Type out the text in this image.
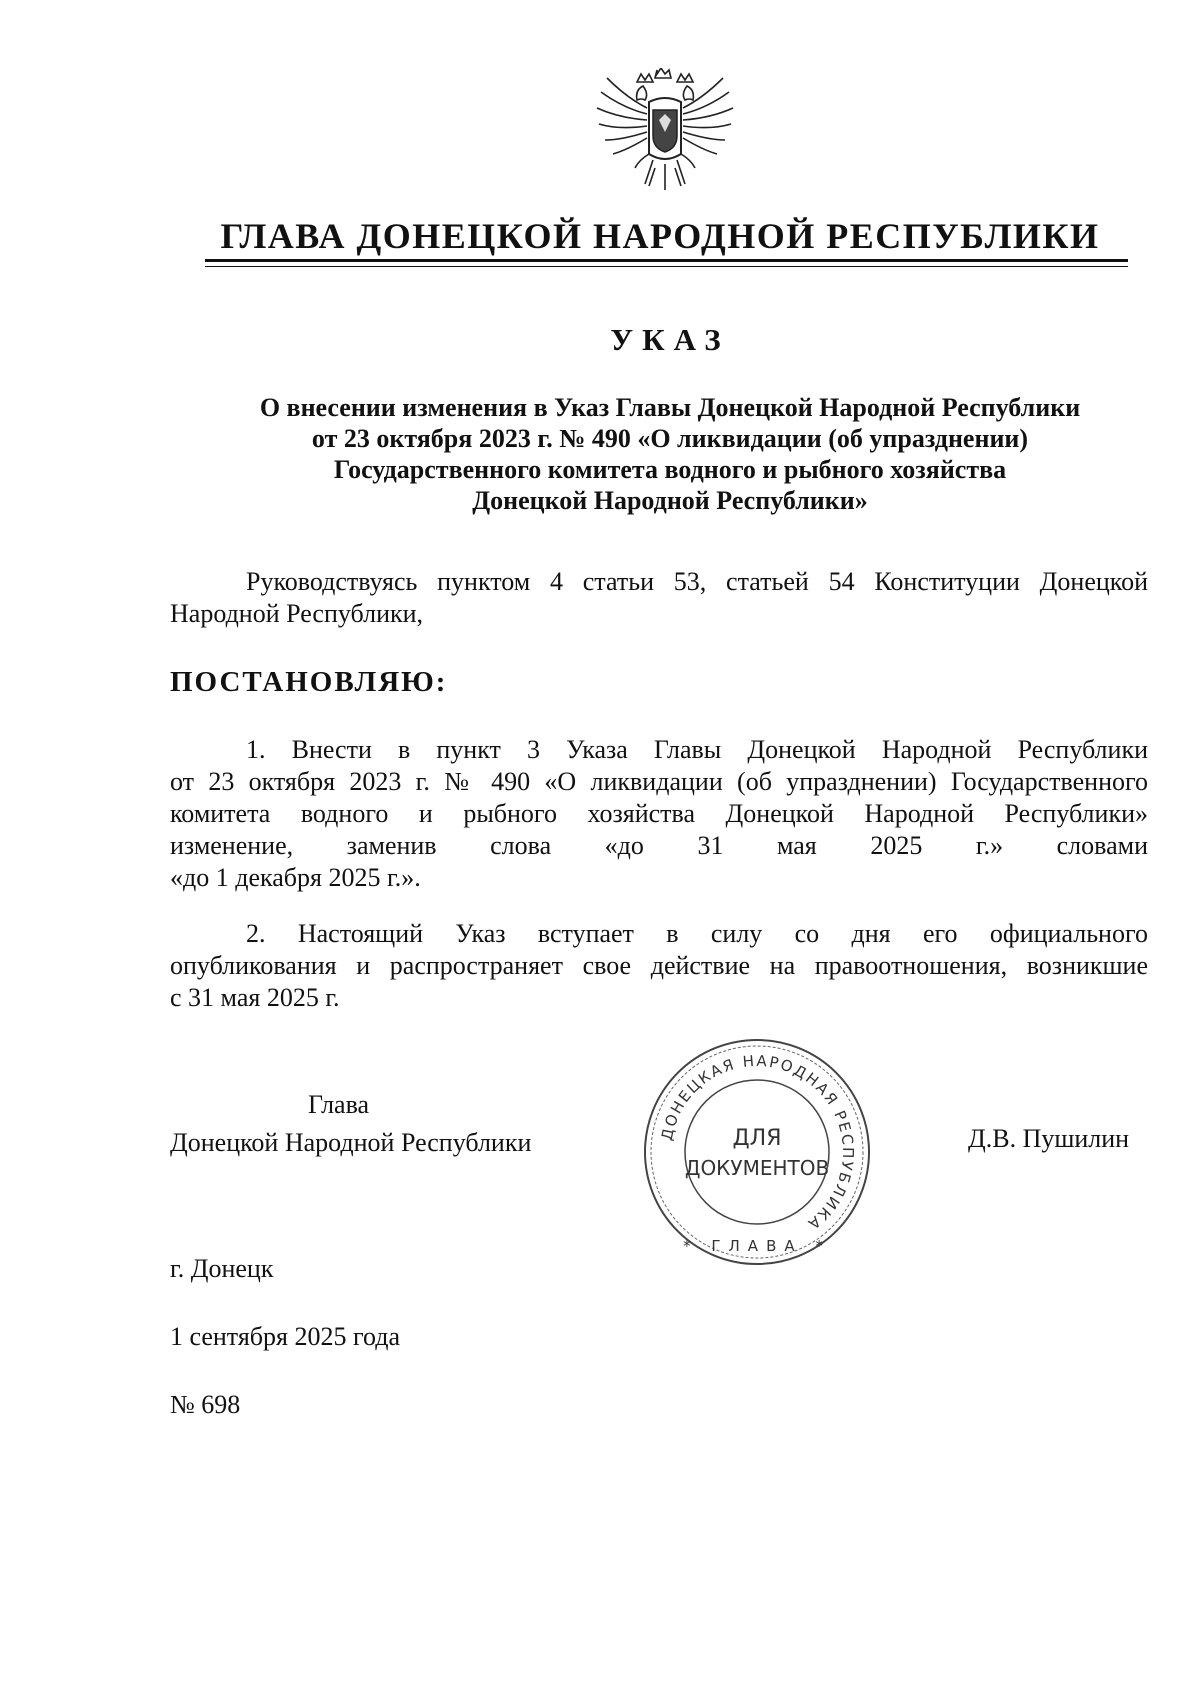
ГЛАВА ДОНЕЦКОЙ НАРОДНОЙ РЕСПУБЛИКИ
УКАЗ
О внесении изменения в Указ Главы Донецкой Народной Республики
от 23 октября 2023 г. № 490 «О ликвидации (об упразднении)
Государственного комитета водного и рыбного хозяйства
Донецкой Народной Республики»
Руководствуясь пунктом 4 статьи 53, статьей 54 Конституции Донецкой
Народной Республики,
ПОСТАНОВЛЯЮ:
1. Внести в пункт 3 Указа Главы Донецкой Народной Республики
от 23 октября 2023 г. № 490 «О ликвидации (об упразднении) Государственного
комитета водного и рыбного хозяйства Донецкой Народной Республики»
изменение, заменив слова «до 31 мая 2025 г.» словами
«до 1 декабря 2025 г.».
2. Настоящий Указ вступает в силу со дня его официального
опубликования и распространяет свое действие на правоотношения, возникшие
с 31 мая 2025 г.
Глава
Донецкой Народной Республики	ДОНЕЦКАЯ НАРОДНАЯ РЕСПУБЛИКА
* ГЛАВА *
ДЛЯ
ДОКУМЕНТОВ
Д.В. Пушилин
г. Донецк
1 сентября 2025 года
№ 698
